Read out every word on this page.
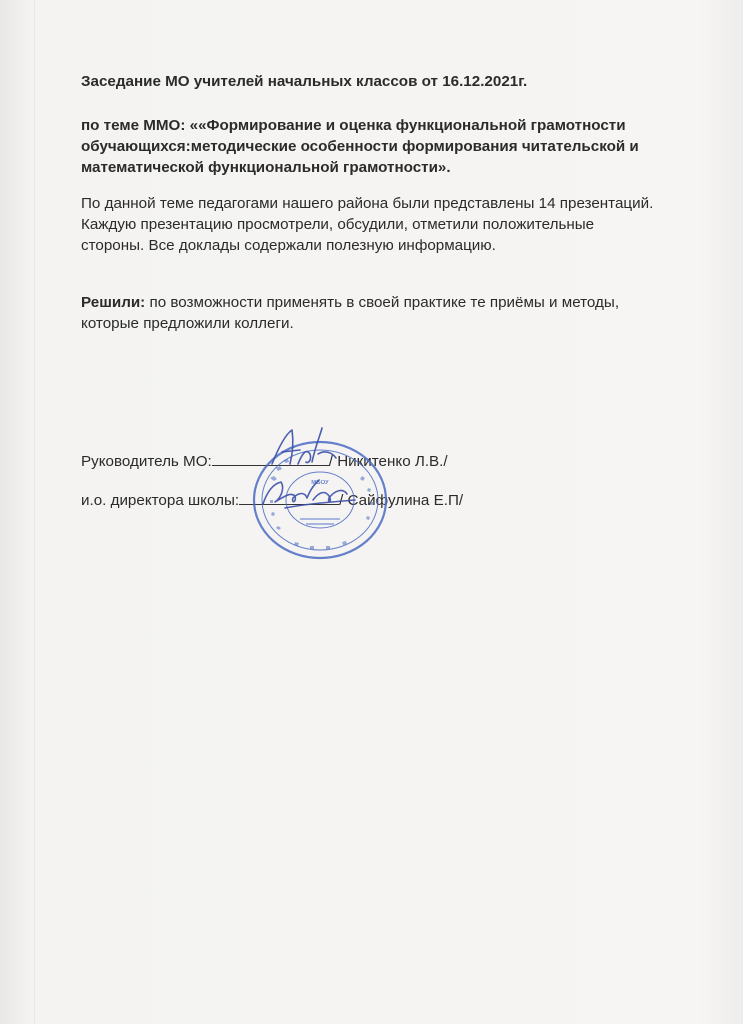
Заседание МО учителей начальных классов от 16.12.2021г.
по теме ММО: ««Формирование и оценка функциональной грамотности
обучающихся:методические особенности формирования читательской и
математической функциональной грамотности».
По данной теме педагогами нашего района были представлены 14 презентаций.
Каждую презентацию просмотрели, обсудили, отметили положительные
стороны. Все доклады содержали полезную информацию.
Решили: по возможности применять в своей практике те приёмы и методы,
которые предложили коллеги.
Руководитель МО:	/ Никитенко Л.В./
и.о. директора школы:	/ Сайфулина Е.П/
МБОУ
